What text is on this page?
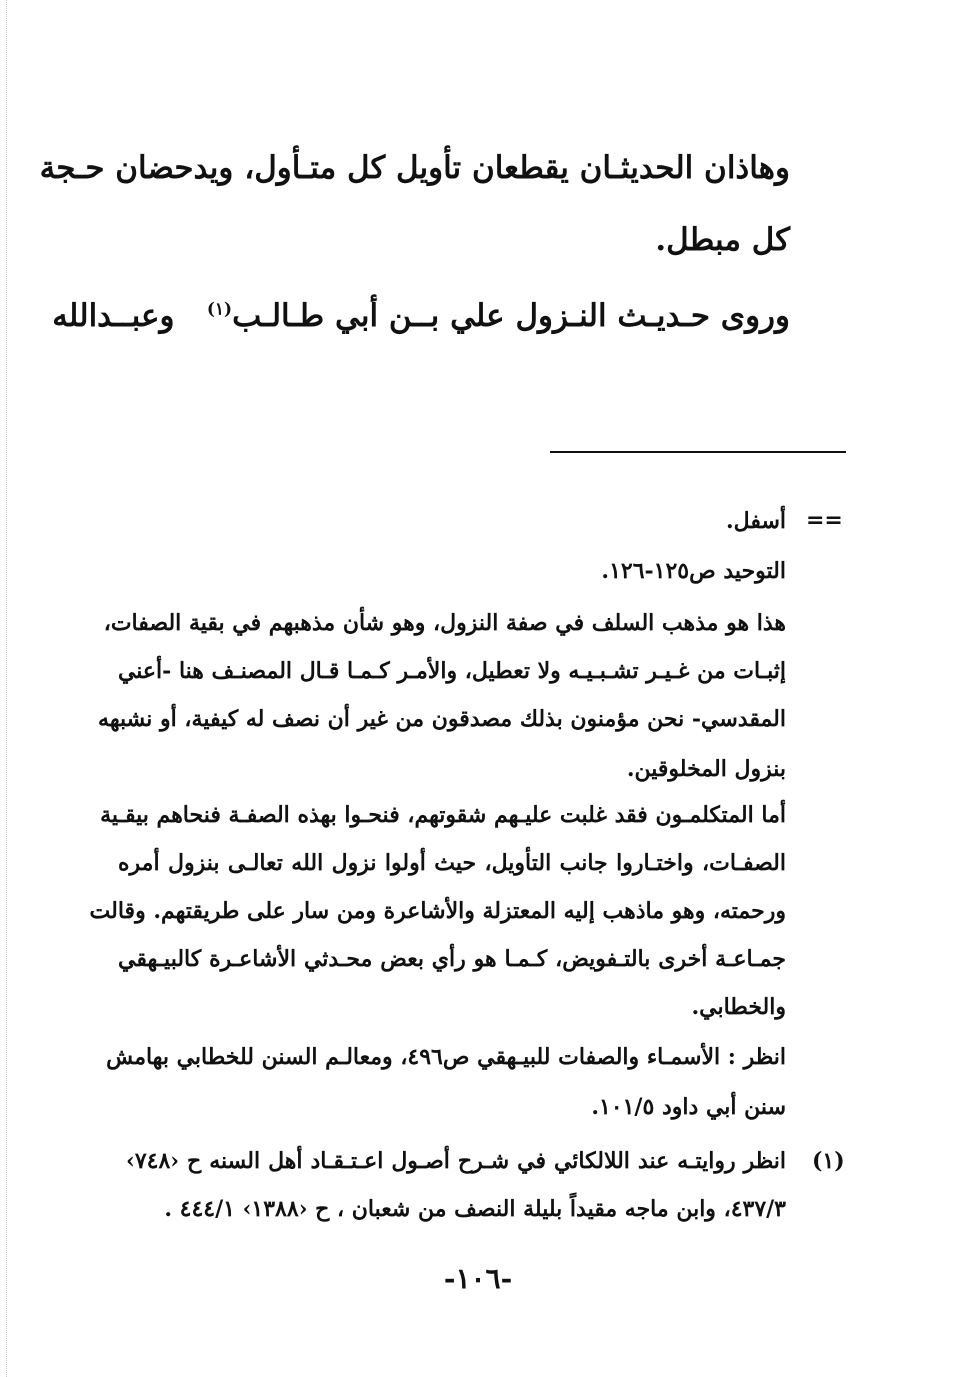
وهاذان الحديثـان يقطعان تأويل كل متـأول، ويدحضان حـجة
كل مبطل.
وروى حـديـث النـزول علي بــن أبي طـالـب$^{(١)}$   وعبــدالله
==
أسفل.
التوحيد ص١٢٥-١٢٦.
هذا هو مذهب السلف في صفة النزول، وهو شأن مذهبهم في بقية الصفات،
إثبـات من غـيـر تشـبـيـه ولا تعطيل، والأمـر كـمـا قـال المصنـف هنا -أعني
المقدسي- نحن مؤمنون بذلك مصدقون من غير أن نصف له كيفية، أو نشبهه
بنزول المخلوقين.
أما المتكلمـون فقد غلبت عليـهم شقوتهم، فنحـوا بهذه الصفـة فنحاهم بيقـية
الصفـات، واختـاروا جانب التأويل، حيث أولوا نزول الله تعالـى بنزول أمره
ورحمته، وهو ماذهب إليه المعتزلة والأشاعرة ومن سار على طريقتهم. وقالت
جمـاعـة أخرى بالتـفويض، كـمـا هو رأي بعض محـدثي الأشاعـرة كالبيـهقي
والخطابي.
انظر : الأسمـاء والصفات للبيـهقي ص٤٩٦، ومعالـم السنن للخطابي بهامش
سنن أبي داود ١٠١/٥.
(١)
انظر روايتـه عند اللالكائي في شـرح أصـول اعـتـقـاد أهل السنه ح ‹٧٤٨›
٤٣٧/٣، وابن ماجه مقيداً بليلة النصف من شعبان ، ح ‹١٣٨٨› ٤٤٤/١ .
-١٠٦-
